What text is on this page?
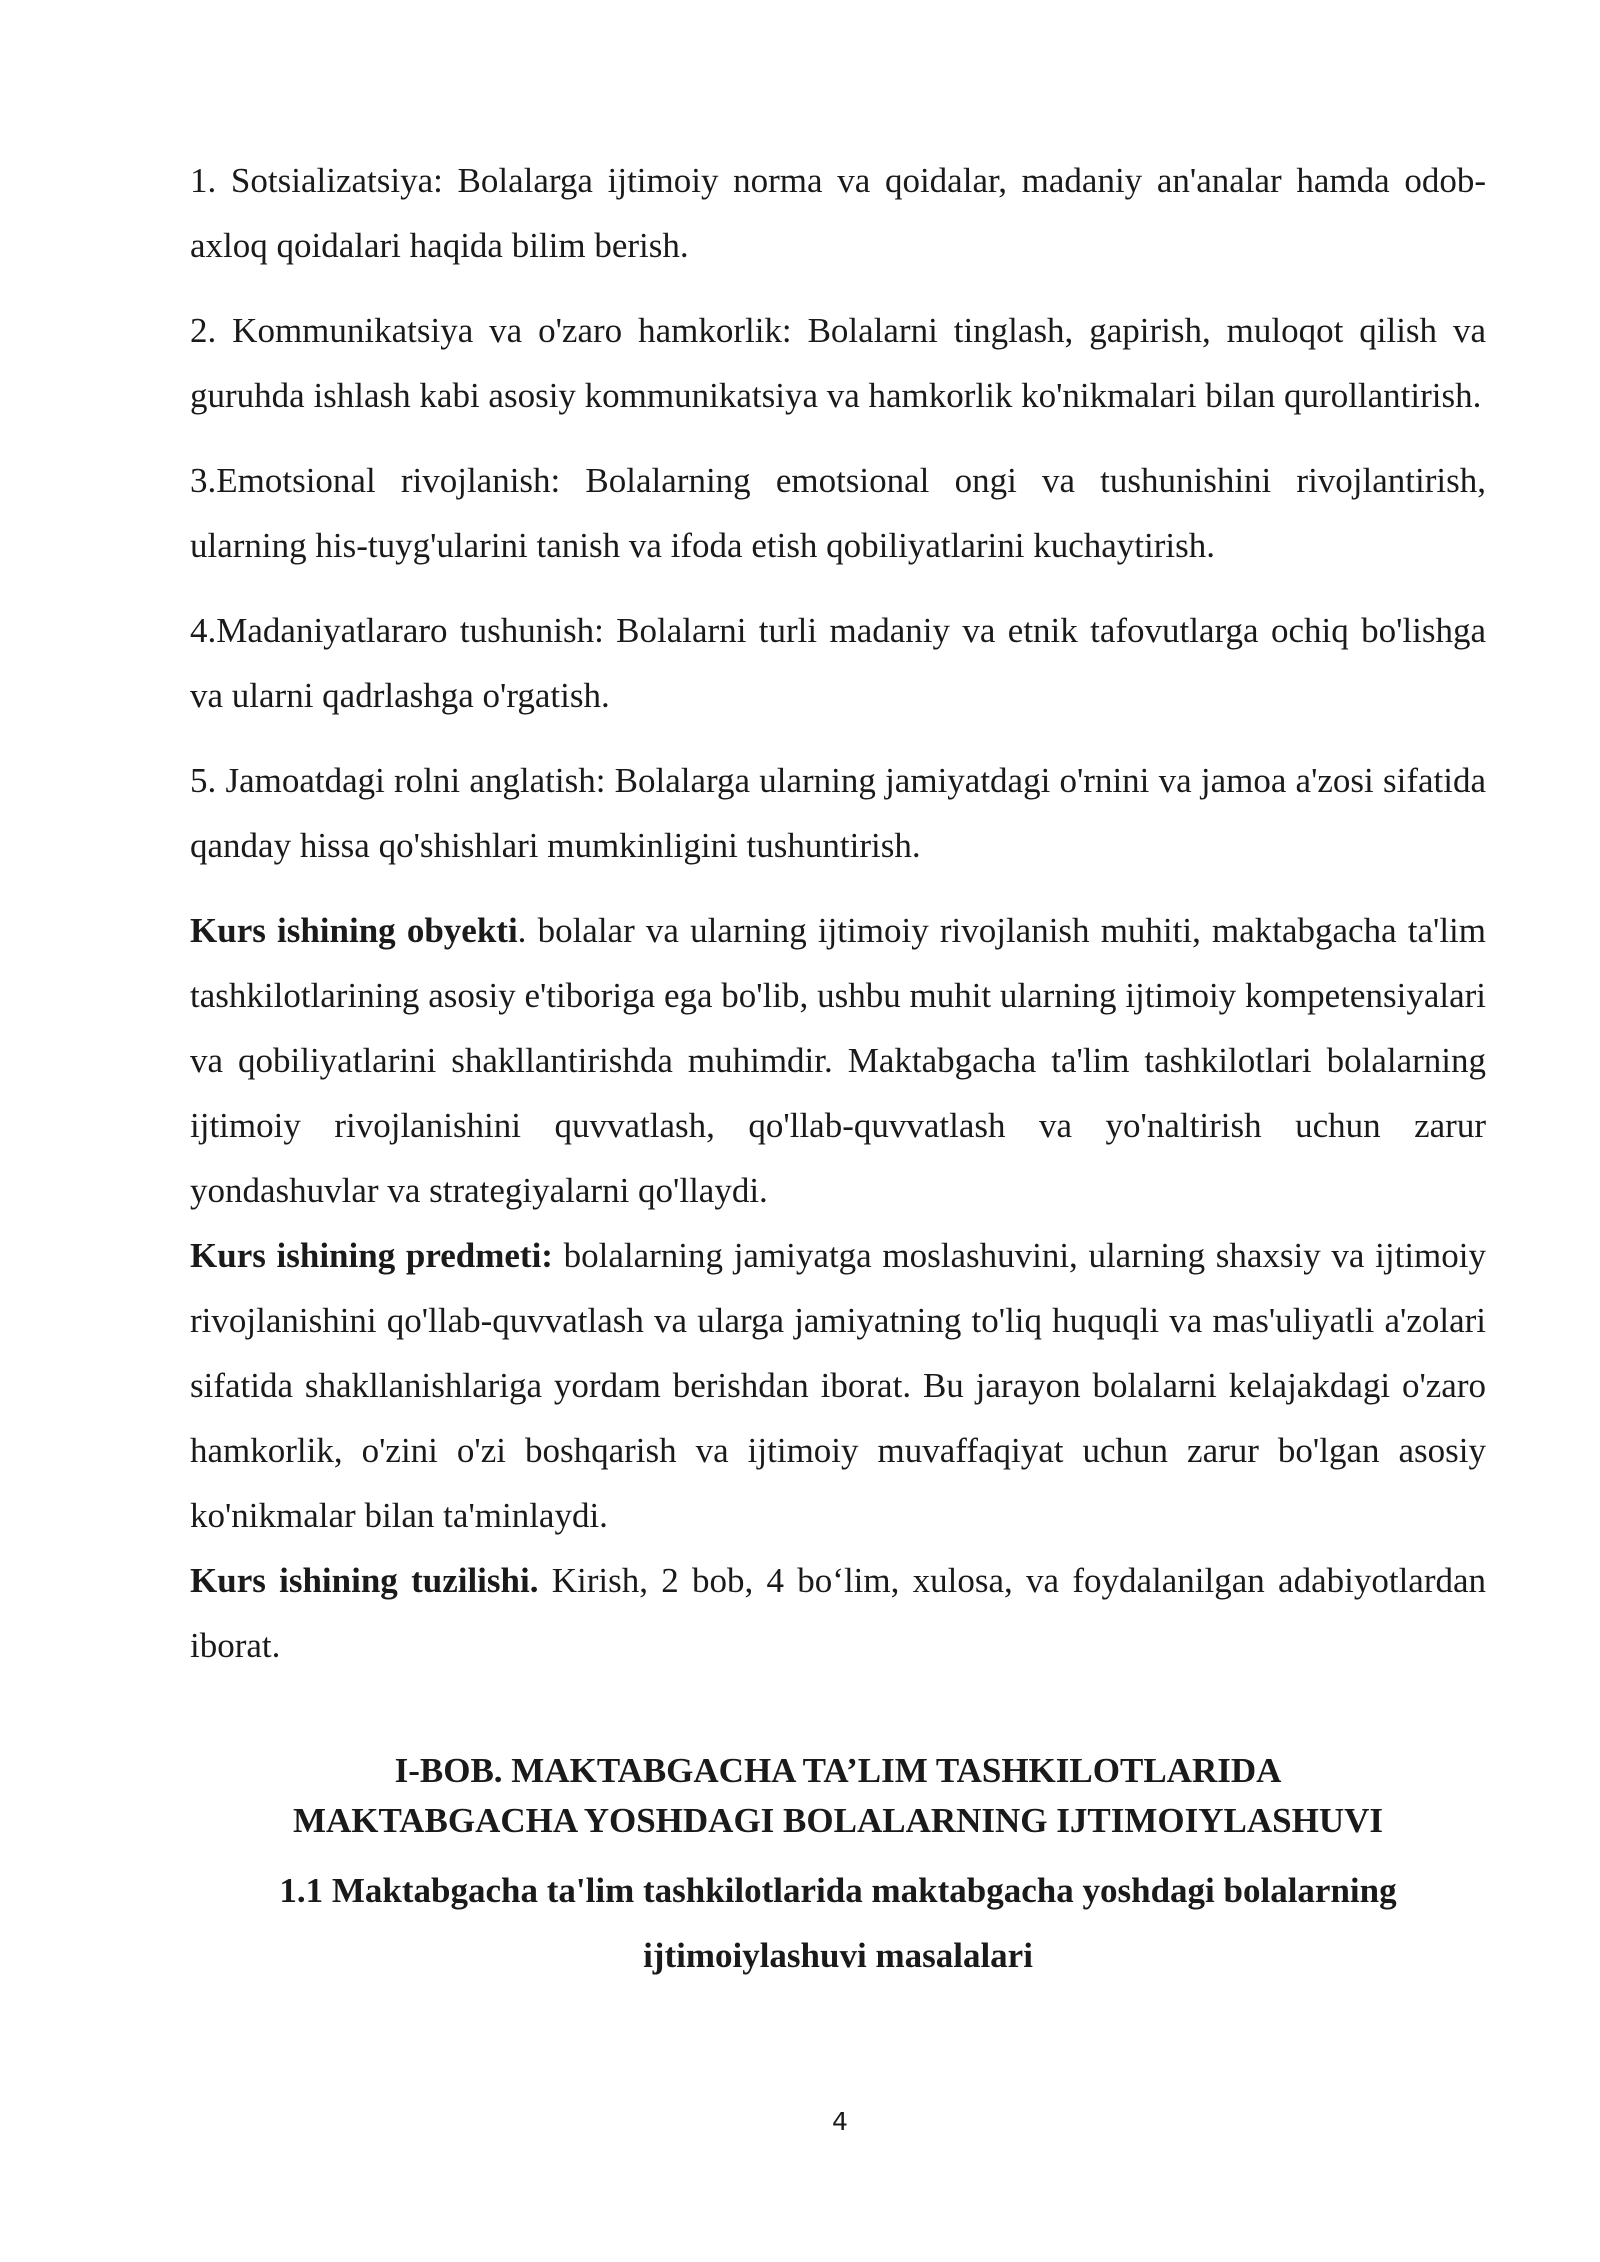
1. Sotsializatsiya: Bolalarga ijtimoiy norma va qoidalar, madaniy an'analar hamda odob-axloq qoidalari haqida bilim berish.

2. Kommunikatsiya va o'zaro hamkorlik: Bolalarni tinglash, gapirish, muloqot qilish va guruhda ishlash kabi asosiy kommunikatsiya va hamkorlik ko'nikmalari bilan qurollantirish.

3.Emotsional rivojlanish: Bolalarning emotsional ongi va tushunishini rivojlantirish, ularning his-tuyg'ularini tanish va ifoda etish qobiliyatlarini kuchaytirish.

4.Madaniyatlararo tushunish: Bolalarni turli madaniy va etnik tafovutlarga ochiq bo'lishga va ularni qadrlashga o'rgatish.

5. Jamoatdagi rolni anglatish: Bolalarga ularning jamiyatdagi o'rnini va jamoa a'zosi sifatida qanday hissa qo'shishlari mumkinligini tushuntirish.

Kurs ishining obyekti. bolalar va ularning ijtimoiy rivojlanish muhiti, maktabgacha ta'lim tashkilotlarining asosiy e'tiboriga ega bo'lib, ushbu muhit ularning ijtimoiy kompetensiyalari va qobiliyatlarini shakllantirishda muhimdir. Maktabgacha ta'lim tashkilotlari bolalarning ijtimoiy rivojlanishini quvvatlash, qo'llab-quvvatlash va yo'naltirish uchun zarur yondashuvlar va strategiyalarni qo'llaydi.

Kurs ishining predmeti: bolalarning jamiyatga moslashuvini, ularning shaxsiy va ijtimoiy rivojlanishini qo'llab-quvvatlash va ularga jamiyatning to'liq huquqli va mas'uliyatli a'zolari sifatida shakllanishlariga yordam berishdan iborat. Bu jarayon bolalarni kelajakdagi o'zaro hamkorlik, o'zini o'zi boshqarish va ijtimoiy muvaffaqiyat uchun zarur bo'lgan asosiy ko'nikmalar bilan ta'minlaydi.

Kurs ishining tuzilishi. Kirish, 2 bob, 4 bo‘lim, xulosa, va foydalanilgan adabiyotlardan iborat.

I-BOB. MAKTABGACHA TA’LIM TASHKILOTLARIDA
MAKTABGACHA YOSHDAGI BOLALARNING IJTIMOIYLASHUVI
1.1 Maktabgacha ta'lim tashkilotlarida maktabgacha yoshdagi bolalarning
ijtimoiylashuvi masalalari
4
